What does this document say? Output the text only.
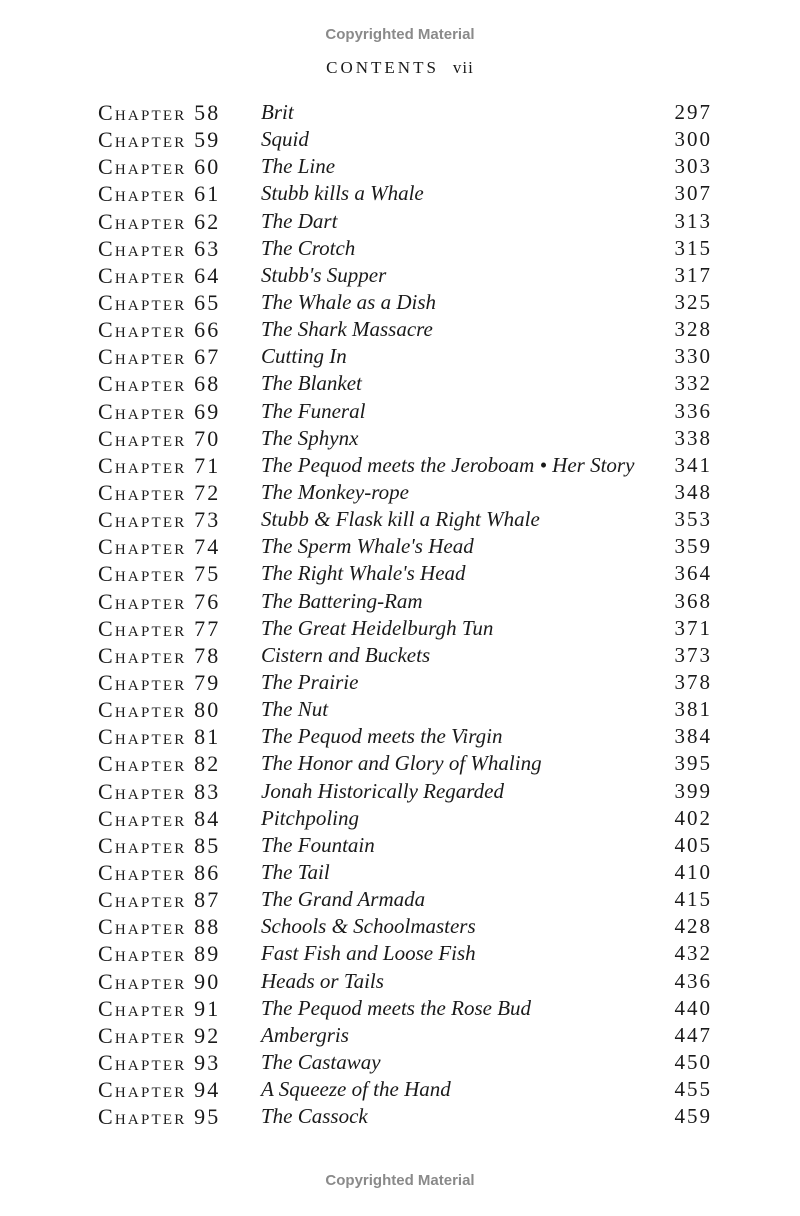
Copyrighted Material
CONTENTS vii
Chapter 58 Brit	297
Chapter 59 Squid	300
Chapter 60 The Line	303
Chapter 61 Stubb kills a Whale	307
Chapter 62 The Dart	313
Chapter 63 The Crotch	315
Chapter 64 Stubb's Supper	317
Chapter 65 The Whale as a Dish	325
Chapter 66 The Shark Massacre	328
Chapter 67 Cutting In	330
Chapter 68 The Blanket	332
Chapter 69 The Funeral	336
Chapter 70 The Sphynx	338
Chapter 71 The Pequod meets the Jeroboam • Her Story 341
Chapter 72 The Monkey-rope	348
Chapter 73 Stubb & Flask kill a Right Whale	353
Chapter 74 The Sperm Whale's Head	359
Chapter 75 The Right Whale's Head	364
Chapter 76 The Battering-Ram	368
Chapter 77 The Great Heidelburgh Tun	371
Chapter 78 Cistern and Buckets	373
Chapter 79 The Prairie	378
Chapter 80 The Nut	381
Chapter 81 The Pequod meets the Virgin	384
Chapter 82 The Honor and Glory of Whaling	395
Chapter 83 Jonah Historically Regarded	399
Chapter 84 Pitchpoling	402
Chapter 85 The Fountain	405
Chapter 86 The Tail	410
Chapter 87 The Grand Armada	415
Chapter 88 Schools & Schoolmasters	428
Chapter 89 Fast Fish and Loose Fish	432
Chapter 90 Heads or Tails	436
Chapter 91 The Pequod meets the Rose Bud	440
Chapter 92 Ambergris	447
Chapter 93 The Castaway	450
Chapter 94 A Squeeze of the Hand	455
Chapter 95 The Cassock	459
Copyrighted Material
